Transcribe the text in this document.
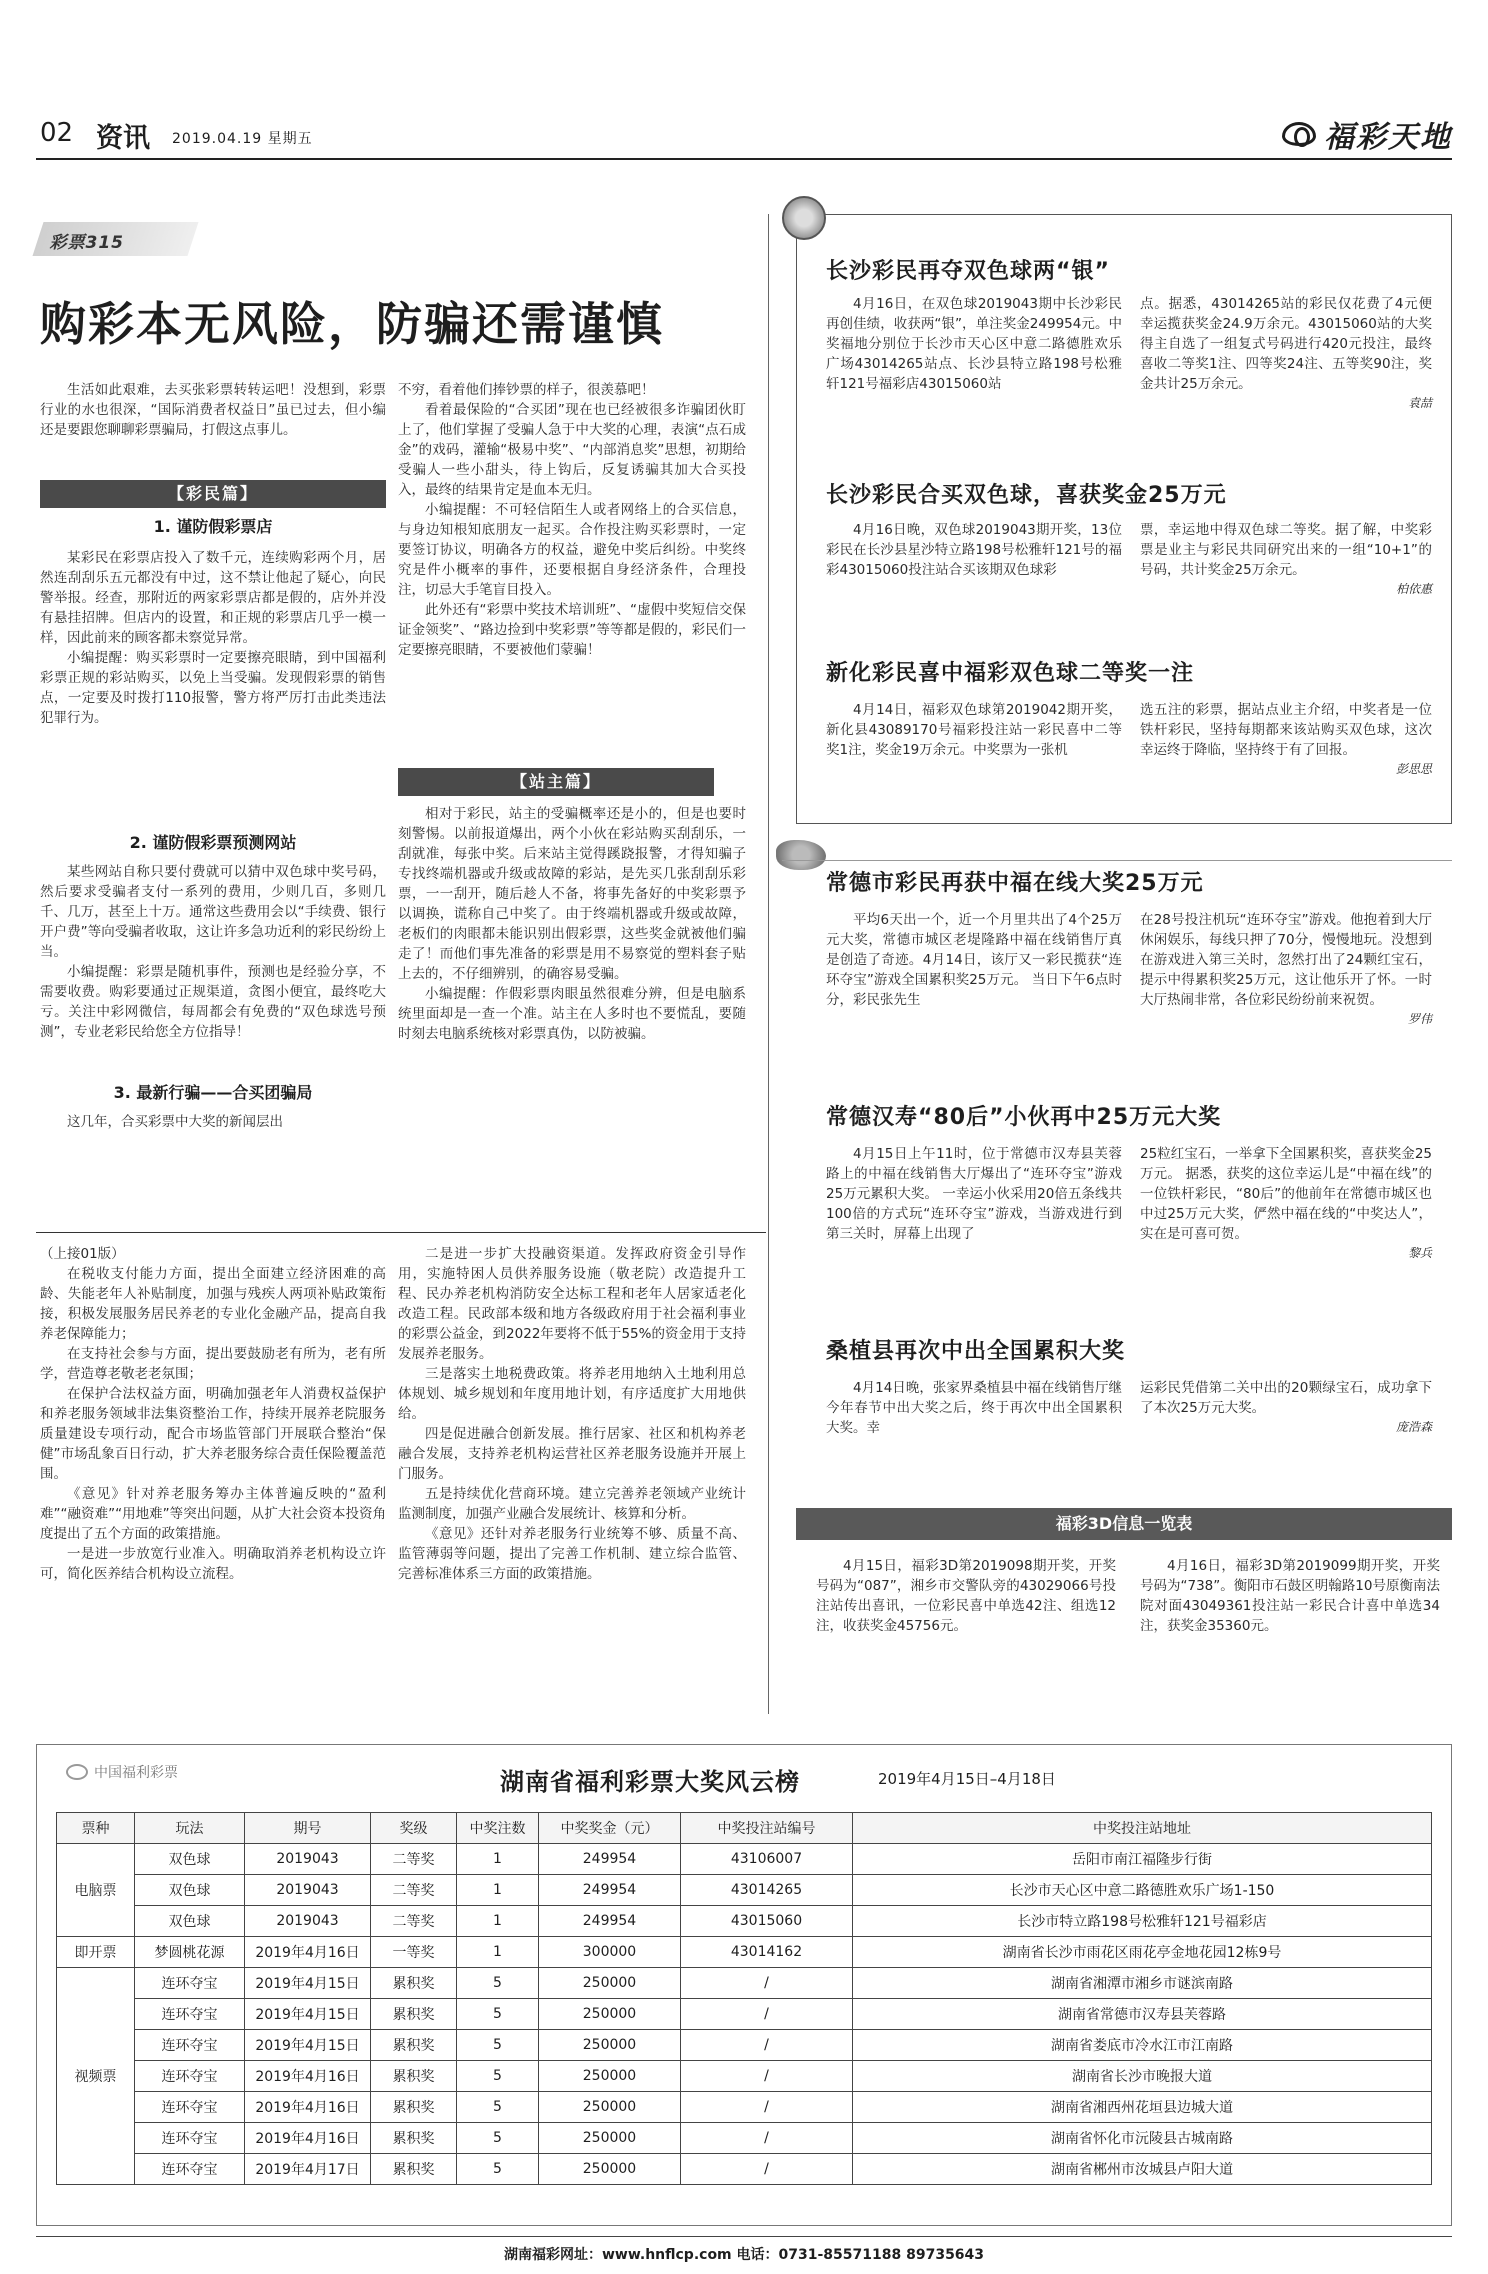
02 资讯 2019.04.19 星期五	福彩天地
彩票315
购彩本无风险，防骗还需谨慎

生活如此艰难，去买张彩票转转运吧！没想到，彩票行业的水也很深，“国际消费者权益日”虽已过去，但小编还是要跟您聊聊彩票骗局，打假这点事儿。

【彩民篇】
1. 谨防假彩票店

某彩民在彩票店投入了数千元，连续购彩两个月，居然连刮刮乐五元都没有中过，这不禁让他起了疑心，向民警举报。经查，那附近的两家彩票店都是假的，店外并没有悬挂招牌。但店内的设置，和正规的彩票店几乎一模一样，因此前来的顾客都未察觉异常。

小编提醒：购买彩票时一定要擦亮眼睛，到中国福利彩票正规的彩站购买，以免上当受骗。发现假彩票的销售点，一定要及时拨打110报警，警方将严厉打击此类违法犯罪行为。

2. 谨防假彩票预测网站

某些网站自称只要付费就可以猜中双色球中奖号码，然后要求受骗者支付一系列的费用，少则几百，多则几千、几万，甚至上十万。通常这些费用会以“手续费、银行开户费”等向受骗者收取，这让许多急功近利的彩民纷纷上当。

小编提醒：彩票是随机事件，预测也是经验分享，不需要收费。购彩要通过正规渠道，贪图小便宜，最终吃大亏。关注中彩网微信，每周都会有免费的“双色球选号预测”，专业老彩民给您全方位指导！

3. 最新行骗——合买团骗局

这几年，合买彩票中大奖的新闻层出

不穷，看着他们捧钞票的样子，很羡慕吧！

看着最保险的“合买团”现在也已经被很多诈骗团伙盯上了，他们掌握了受骗人急于中大奖的心理，表演“点石成金”的戏码，灌输“极易中奖”、“内部消息奖”思想，初期给受骗人一些小甜头，待上钩后，反复诱骗其加大合买投入，最终的结果肯定是血本无归。

小编提醒：不可轻信陌生人或者网络上的合买信息，与身边知根知底朋友一起买。合作投注购买彩票时，一定要签订协议，明确各方的权益，避免中奖后纠纷。中奖终究是件小概率的事件，还要根据自身经济条件，合理投注，切忌大手笔盲目投入。

此外还有“彩票中奖技术培训班”、“虚假中奖短信交保证金领奖”、“路边捡到中奖彩票”等等都是假的，彩民们一定要擦亮眼睛，不要被他们蒙骗！

【站主篇】

相对于彩民，站主的受骗概率还是小的，但是也要时刻警惕。以前报道爆出，两个小伙在彩站购买刮刮乐，一刮就准，每张中奖。后来站主觉得蹊跷报警，才得知骗子专找终端机器或升级或故障的彩站，是先买几张刮刮乐彩票，一一刮开，随后趁人不备，将事先备好的中奖彩票予以调换，谎称自己中奖了。由于终端机器或升级或故障，老板们的肉眼都未能识别出假彩票，这些奖金就被他们骗走了！而他们事先准备的彩票是用不易察觉的塑料套子贴上去的，不仔细辨别，的确容易受骗。

小编提醒：作假彩票肉眼虽然很难分辨，但是电脑系统里面却是一查一个准。站主在人多时也不要慌乱，要随时刻去电脑系统核对彩票真伪，以防被骗。

（上接01版）

在税收支付能力方面，提出全面建立经济困难的高龄、失能老年人补贴制度，加强与残疾人两项补贴政策衔接，积极发展服务居民养老的专业化金融产品，提高自我养老保障能力；

在支持社会参与方面，提出要鼓励老有所为，老有所学，营造尊老敬老老氛围；

在保护合法权益方面，明确加强老年人消费权益保护和养老服务领域非法集资整治工作，持续开展养老院服务质量建设专项行动，配合市场监管部门开展联合整治“保健”市场乱象百日行动，扩大养老服务综合责任保险覆盖范围。

《意见》针对养老服务筹办主体普遍反映的“盈利难”“融资难”“用地难”等突出问题，从扩大社会资本投资角度提出了五个方面的政策措施。

一是进一步放宽行业准入。明确取消养老机构设立许可，简化医养结合机构设立流程。

二是进一步扩大投融资渠道。发挥政府资金引导作用，实施特困人员供养服务设施（敬老院）改造提升工程、民办养老机构消防安全达标工程和老年人居家适老化改造工程。民政部本级和地方各级政府用于社会福利事业的彩票公益金，到2022年要将不低于55%的资金用于支持发展养老服务。

三是落实土地税费政策。将养老用地纳入土地利用总体规划、城乡规划和年度用地计划，有序适度扩大用地供给。

四是促进融合创新发展。推行居家、社区和机构养老融合发展，支持养老机构运营社区养老服务设施并开展上门服务。

五是持续优化营商环境。建立完善养老领域产业统计监测制度，加强产业融合发展统计、核算和分析。

《意见》还针对养老服务行业统筹不够、质量不高、监管薄弱等问题，提出了完善工作机制、建立综合监管、完善标准体系三方面的政策措施。

长沙彩民再夺双色球两“银”

4月16日，在双色球2019043期中长沙彩民再创佳绩，收获两“银”，单注奖金249954元。中奖福地分别位于长沙市天心区中意二路德胜欢乐广场43014265站点、长沙县特立路198号松雅轩121号福彩店43015060站

点。据悉，43014265站的彩民仅花费了4元便幸运揽获奖金24.9万余元。43015060站的大奖得主自选了一组复式号码进行420元投注，最终喜收二等奖1注、四等奖24注、五等奖90注，奖金共计25万余元。

袁喆
长沙彩民合买双色球，喜获奖金25万元

4月16日晚，双色球2019043期开奖，13位彩民在长沙县星沙特立路198号松雅轩121号的福彩43015060投注站合买该期双色球彩

票，幸运地中得双色球二等奖。据了解，中奖彩票是业主与彩民共同研究出来的一组“10+1”的号码，共计奖金25万余元。

柏依惠
新化彩民喜中福彩双色球二等奖一注

4月14日，福彩双色球第2019042期开奖，新化县43089170号福彩投注站一彩民喜中二等奖1注，奖金19万余元。中奖票为一张机

选五注的彩票，据站点业主介绍，中奖者是一位铁杆彩民，坚持每期都来该站购买双色球，这次幸运终于降临，坚持终于有了回报。

彭思思
常德市彩民再获中福在线大奖25万元

平均6天出一个，近一个月里共出了4个25万元大奖，常德市城区老堤隆路中福在线销售厅真是创造了奇迹。4月14日，该厅又一彩民揽获“连环夺宝”游戏全国累积奖25万元。 当日下午6点时分，彩民张先生

在28号投注机玩“连环夺宝”游戏。他抱着到大厅休闲娱乐，每线只押了70分，慢慢地玩。没想到在游戏进入第三关时，忽然打出了24颗红宝石，提示中得累积奖25万元，这让他乐开了怀。一时大厅热闹非常，各位彩民纷纷前来祝贺。

罗伟
常德汉寿“80后”小伙再中25万元大奖

4月15日上午11时，位于常德市汉寿县芙蓉路上的中福在线销售大厅爆出了“连环夺宝”游戏25万元累积大奖。 一幸运小伙采用20倍五条线共100倍的方式玩“连环夺宝”游戏，当游戏进行到第三关时，屏幕上出现了

25粒红宝石，一举拿下全国累积奖，喜获奖金25万元。 据悉，获奖的这位幸运儿是“中福在线”的一位铁杆彩民，“80后”的他前年在常德市城区也中过25万元大奖，俨然中福在线的“中奖达人”，实在是可喜可贺。

黎兵
桑植县再次中出全国累积大奖

4月14日晚，张家界桑植县中福在线销售厅继今年春节中出大奖之后，终于再次中出全国累积大奖。幸

运彩民凭借第二关中出的20颗绿宝石，成功拿下了本次25万元大奖。

庞浩森
福彩3D信息一览表

4月15日，福彩3D第2019098期开奖，开奖号码为“087”，湘乡市交警队旁的43029066号投注站传出喜讯，一位彩民喜中单选42注、组选12注，收获奖金45756元。

4月16日，福彩3D第2019099期开奖，开奖号码为“738”。衡阳市石鼓区明翰路10号原衡南法院对面43049361投注站一彩民合计喜中单选34注，获奖金35360元。

中国福利彩票	湖南省福利彩票大奖风云榜	2019年4月15日–4月18日
票种	玩法	期号	奖级	中奖注数	中奖奖金（元）	中奖投注站编号	中奖投注站地址
电脑票	双色球	2019043	二等奖	1	249954	43106007	岳阳市南江福隆步行街
	双色球	2019043	二等奖	1	249954	43014265	长沙市天心区中意二路德胜欢乐广场1-150
	双色球	2019043	二等奖	1	249954	43015060	长沙市特立路198号松雅轩121号福彩店
即开票	梦圆桃花源	2019年4月16日	一等奖	1	300000	43014162	湖南省长沙市雨花区雨花亭金地花园12栋9号
视频票	连环夺宝	2019年4月15日	累积奖	5	250000	/	湖南省湘潭市湘乡市谜滨南路
	连环夺宝	2019年4月15日	累积奖	5	250000	/	湖南省常德市汉寿县芙蓉路
	连环夺宝	2019年4月15日	累积奖	5	250000	/	湖南省娄底市冷水江市江南路
	连环夺宝	2019年4月16日	累积奖	5	250000	/	湖南省长沙市晚报大道
	连环夺宝	2019年4月16日	累积奖	5	250000	/	湖南省湘西州花垣县边城大道
	连环夺宝	2019年4月16日	累积奖	5	250000	/	湖南省怀化市沅陵县古城南路
	连环夺宝	2019年4月17日	累积奖	5	250000	/	湖南省郴州市汝城县卢阳大道
湖南福彩网址：www.hnflcp.com 电话：0731-85571188 89735643
